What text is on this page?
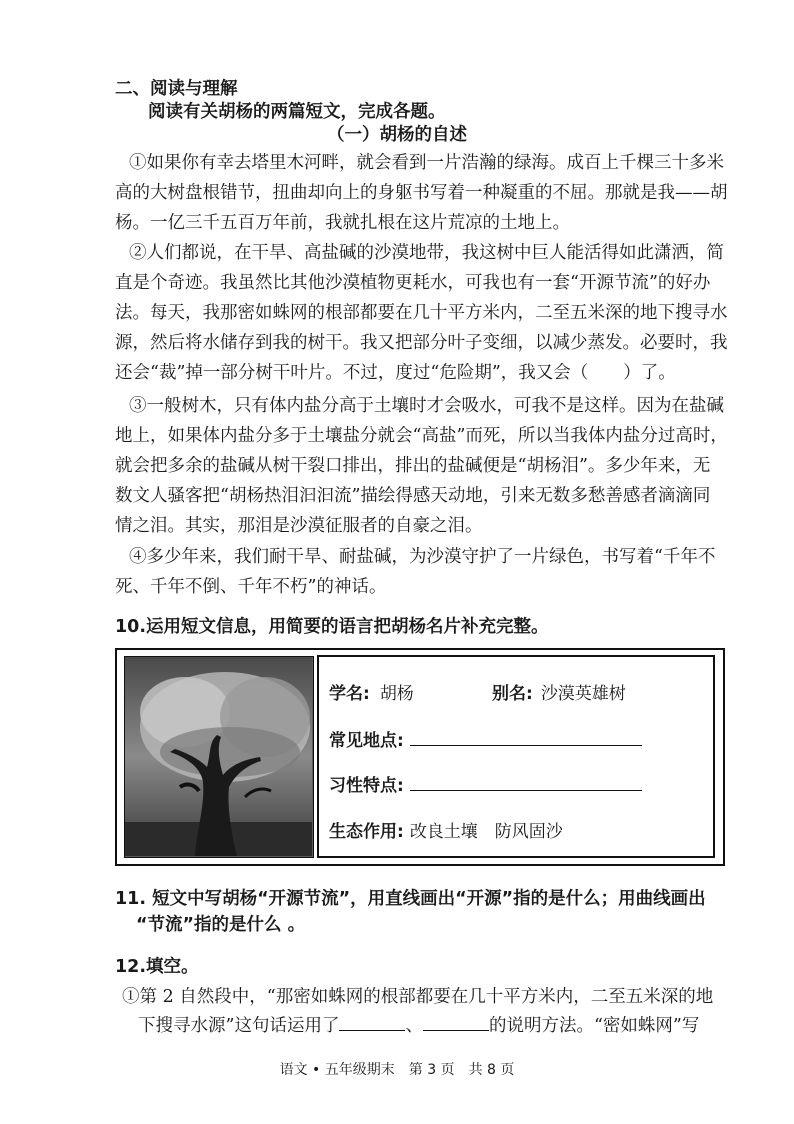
二、阅读与理解
阅读有关胡杨的两篇短文，完成各题。
（一）胡杨的自述
①如果你有幸去塔里木河畔，就会看到一片浩瀚的绿海。成百上千棵三十多米
高的大树盘根错节，扭曲却向上的身躯书写着一种凝重的不屈。那就是我——胡
杨。一亿三千五百万年前，我就扎根在这片荒凉的土地上。
②人们都说，在干旱、高盐碱的沙漠地带，我这树中巨人能活得如此潇洒，简
直是个奇迹。我虽然比其他沙漠植物更耗水，可我也有一套“开源节流”的好办
法。每天，我那密如蛛网的根部都要在几十平方米内，二至五米深的地下搜寻水
源，然后将水储存到我的树干。我又把部分叶子变细，以减少蒸发。必要时，我
还会“裁”掉一部分树干叶片。不过，度过“危险期”，我又会（　　）了。
③一般树木，只有体内盐分高于土壤时才会吸水，可我不是这样。因为在盐碱
地上，如果体内盐分多于土壤盐分就会“高盐”而死，所以当我体内盐分过高时，
就会把多余的盐碱从树干裂口排出，排出的盐碱便是“胡杨泪”。多少年来，无
数文人骚客把“胡杨热泪汩汩流”描绘得感天动地，引来无数多愁善感者滴滴同
情之泪。其实，那泪是沙漠征服者的自豪之泪。
④多少年来，我们耐干旱、耐盐碱，为沙漠守护了一片绿色，书写着“千年不
死、千年不倒、千年不朽”的神话。
10.运用短文信息，用简要的语言把胡杨名片补充完整。
学名: 胡杨	别名: 沙漠英雄树
常见地点:
习性特点:
生态作用: 改良土壤　防风固沙
11. 短文中写胡杨“开源节流”，用直线画出“开源”指的是什么；用曲线画出
“节流”指的是什么 。
12.填空。
①第 2 自然段中，“那密如蛛网的根部都要在几十平方米内，二至五米深的地
下搜寻水源”这句话运用了	、	的说明方法。“密如蛛网”写
语文 • 五年级期末　第 3 页　共 8 页
